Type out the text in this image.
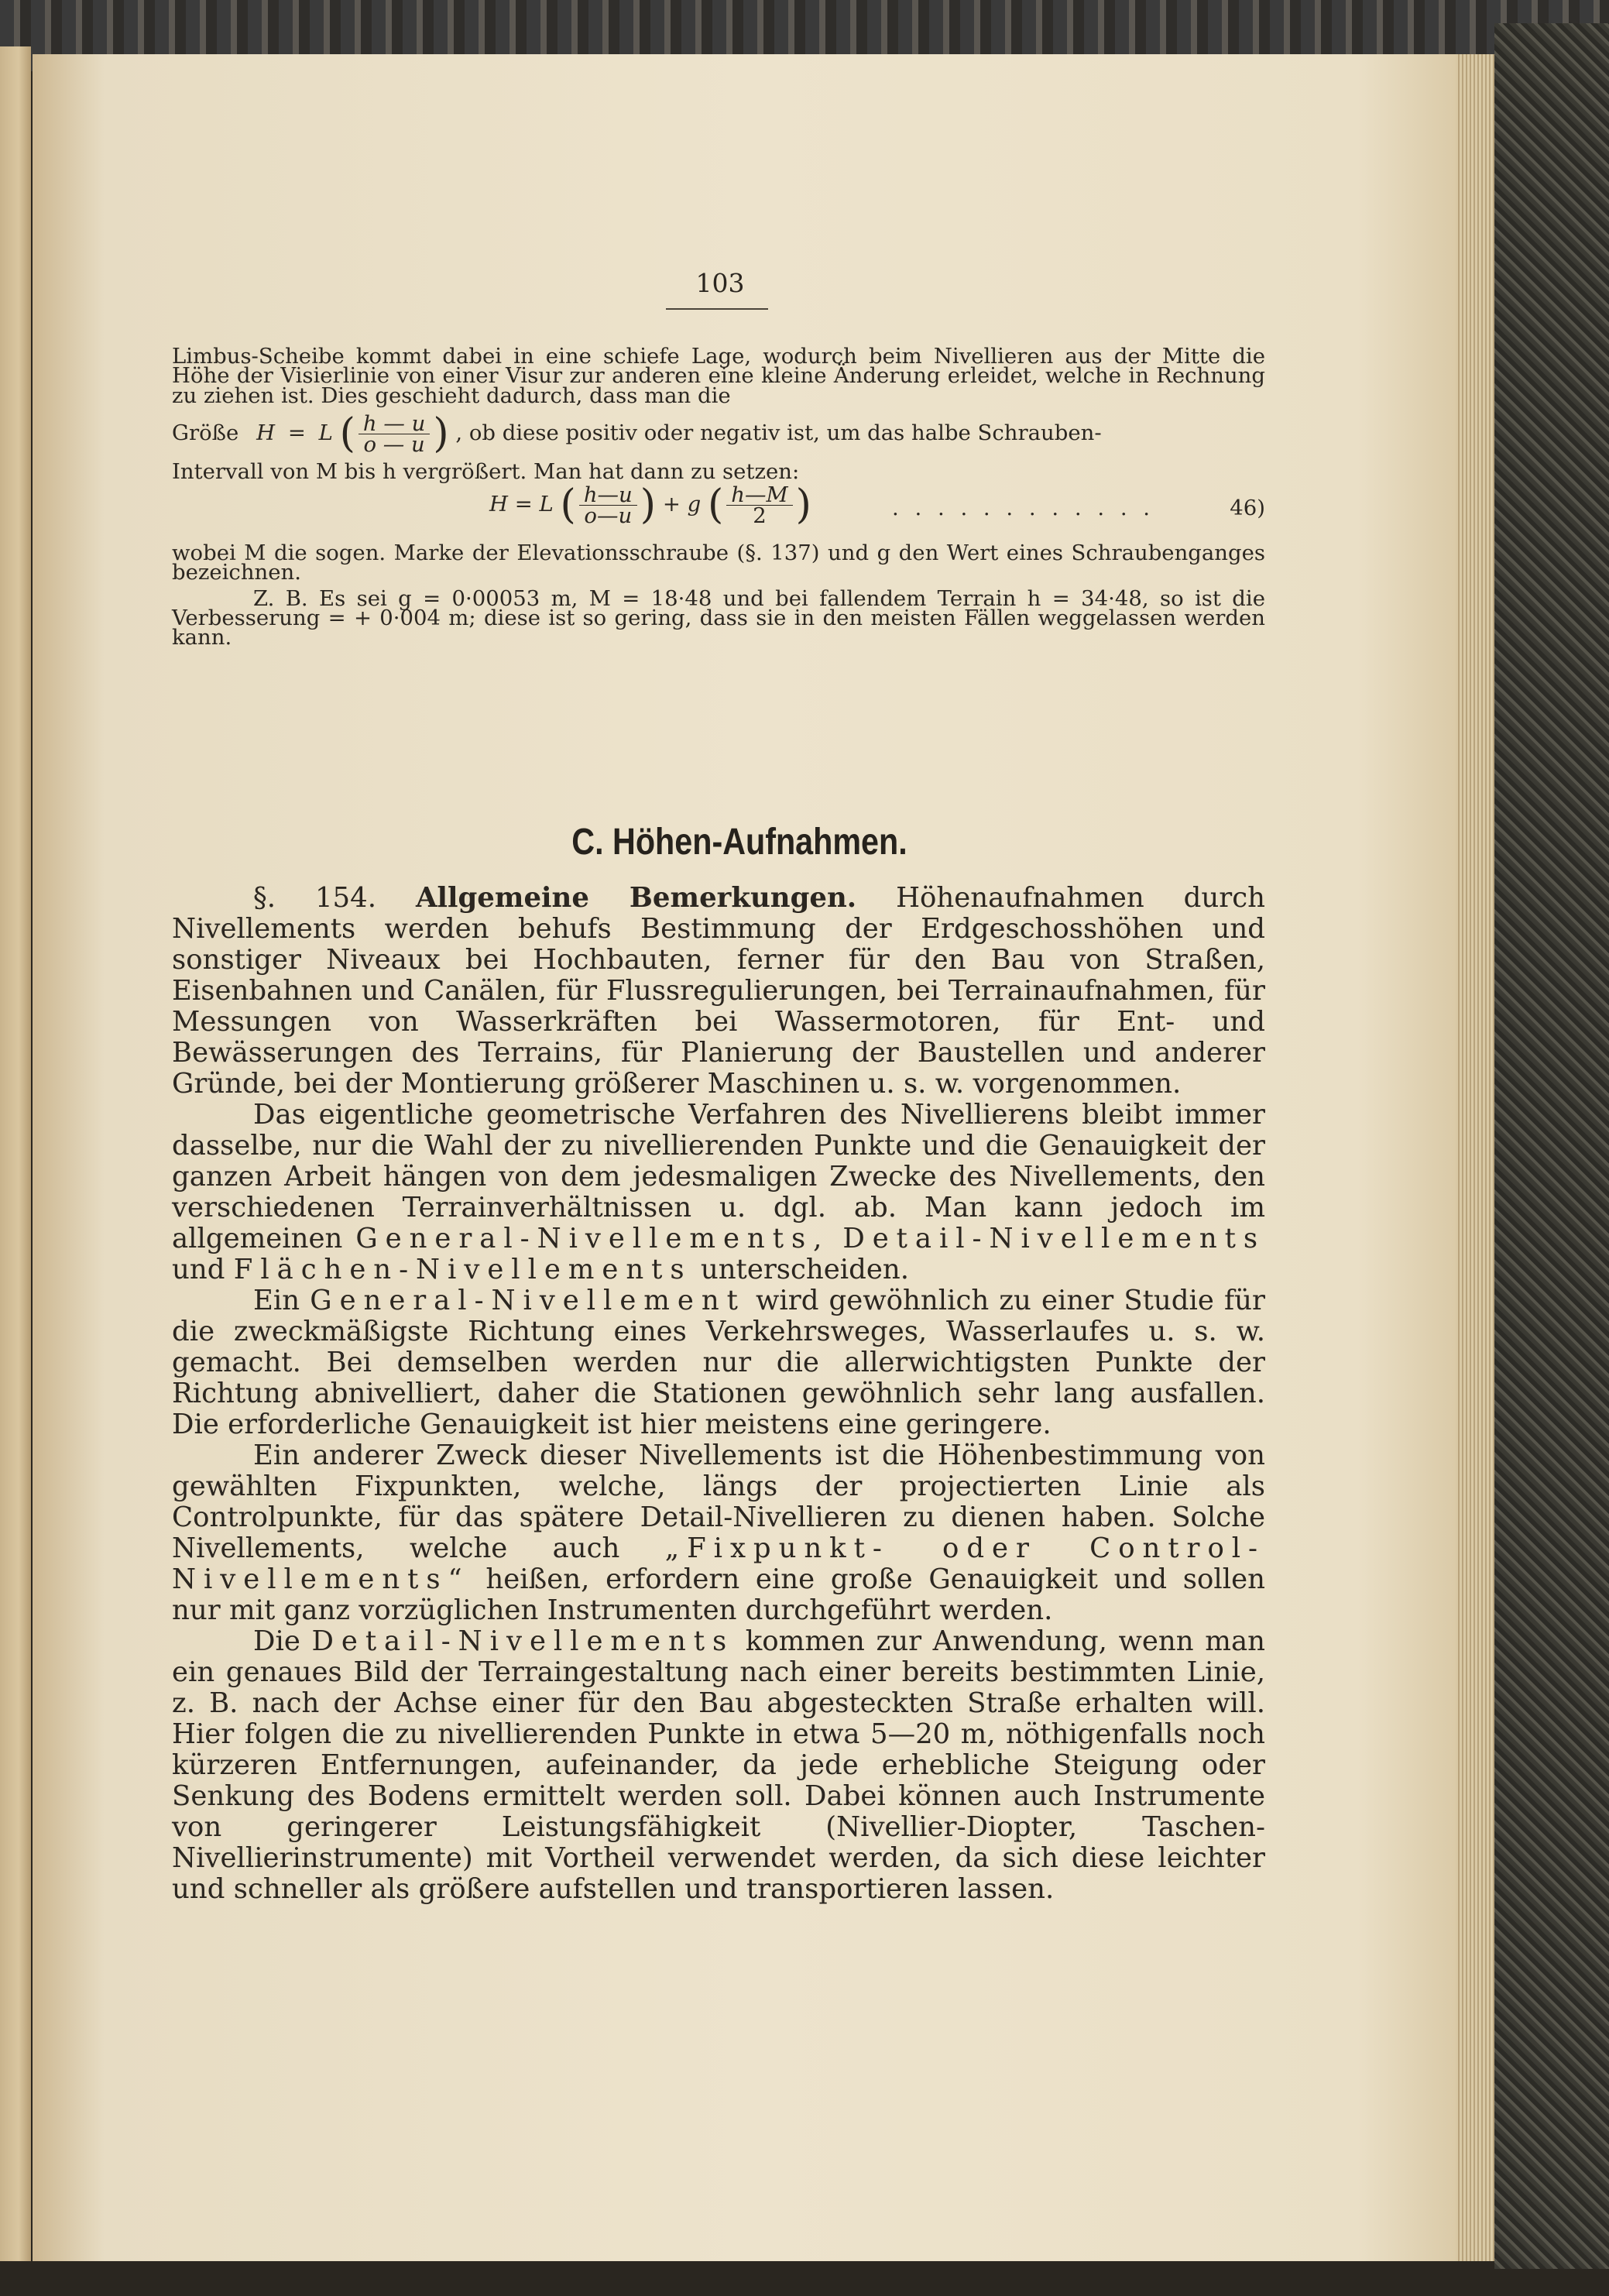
103

Limbus-Scheibe kommt dabei in eine schiefe Lage, wodurch beim Nivellieren aus der Mitte die Höhe der Visierlinie von einer Visur zur anderen eine kleine Änderung erleidet, welche in Rechnung zu ziehen ist. Dies geschieht dadurch, dass man die

Größe H = L ( $\frac{h — u}{o — u}$ ) , ob diese positiv oder negativ ist, um das halbe Schrauben-

Intervall von M bis h vergrößert. Man hat dann zu setzen:

H = L ( $\frac{h—u}{o—u}$ ) + g ( $\frac{h—M}{2}$ )	. . . . . . . . . . . .	46)

wobei M die sogen. Marke der Elevationsschraube (§. 137) und g den Wert eines Schraubenganges bezeichnen.

Z. B. Es sei g = 0·00053 m, M = 18·48 und bei fallendem Terrain h = 34·48, so ist die Verbesserung = + 0·004 m; diese ist so gering, dass sie in den meisten Fällen weggelassen werden kann.

C. Höhen-Aufnahmen.

§. 154. Allgemeine Bemerkungen. Höhenaufnahmen durch Nivellements werden behufs Bestimmung der Erdgeschosshöhen und sonstiger Niveaux bei Hochbauten, ferner für den Bau von Straßen, Eisenbahnen und Canälen, für Flussregulierungen, bei Terrainaufnahmen, für Messungen von Wasserkräften bei Wassermotoren, für Ent- und Bewässerungen des Terrains, für Planierung der Baustellen und anderer Gründe, bei der Montierung größerer Maschinen u. s. w. vorgenommen.

Das eigentliche geometrische Verfahren des Nivellierens bleibt immer dasselbe, nur die Wahl der zu nivellierenden Punkte und die Genauigkeit der ganzen Arbeit hängen von dem jedesmaligen Zwecke des Nivellements, den verschiedenen Terrainverhältnissen u. dgl. ab. Man kann jedoch im allgemeinen General-Nivellements, Detail-Nivellements und Flächen-Nivellements unterscheiden.

Ein General-Nivellement wird gewöhnlich zu einer Studie für die zweckmäßigste Richtung eines Verkehrsweges, Wasserlaufes u. s. w. gemacht. Bei demselben werden nur die allerwichtigsten Punkte der Richtung abnivelliert, daher die Stationen gewöhnlich sehr lang ausfallen. Die erforderliche Genauigkeit ist hier meistens eine geringere.

Ein anderer Zweck dieser Nivellements ist die Höhenbestimmung von gewählten Fixpunkten, welche, längs der projectierten Linie als Controlpunkte, für das spätere Detail-Nivellieren zu dienen haben. Solche Nivellements, welche auch „Fixpunkt- oder Control-Nivellements“ heißen, erfordern eine große Genauigkeit und sollen nur mit ganz vorzüglichen Instrumenten durchgeführt werden.

Die Detail-Nivellements kommen zur Anwendung, wenn man ein genaues Bild der Terraingestaltung nach einer bereits bestimmten Linie, z. B. nach der Achse einer für den Bau abgesteckten Straße erhalten will. Hier folgen die zu nivellierenden Punkte in etwa 5—20 m, nöthigenfalls noch kürzeren Entfernungen, aufeinander, da jede erhebliche Steigung oder Senkung des Bodens ermittelt werden soll. Dabei können auch Instrumente von geringerer Leistungsfähigkeit (Nivellier-Diopter, Taschen-Nivellierinstrumente) mit Vortheil verwendet werden, da sich diese leichter und schneller als größere aufstellen und transportieren lassen.
